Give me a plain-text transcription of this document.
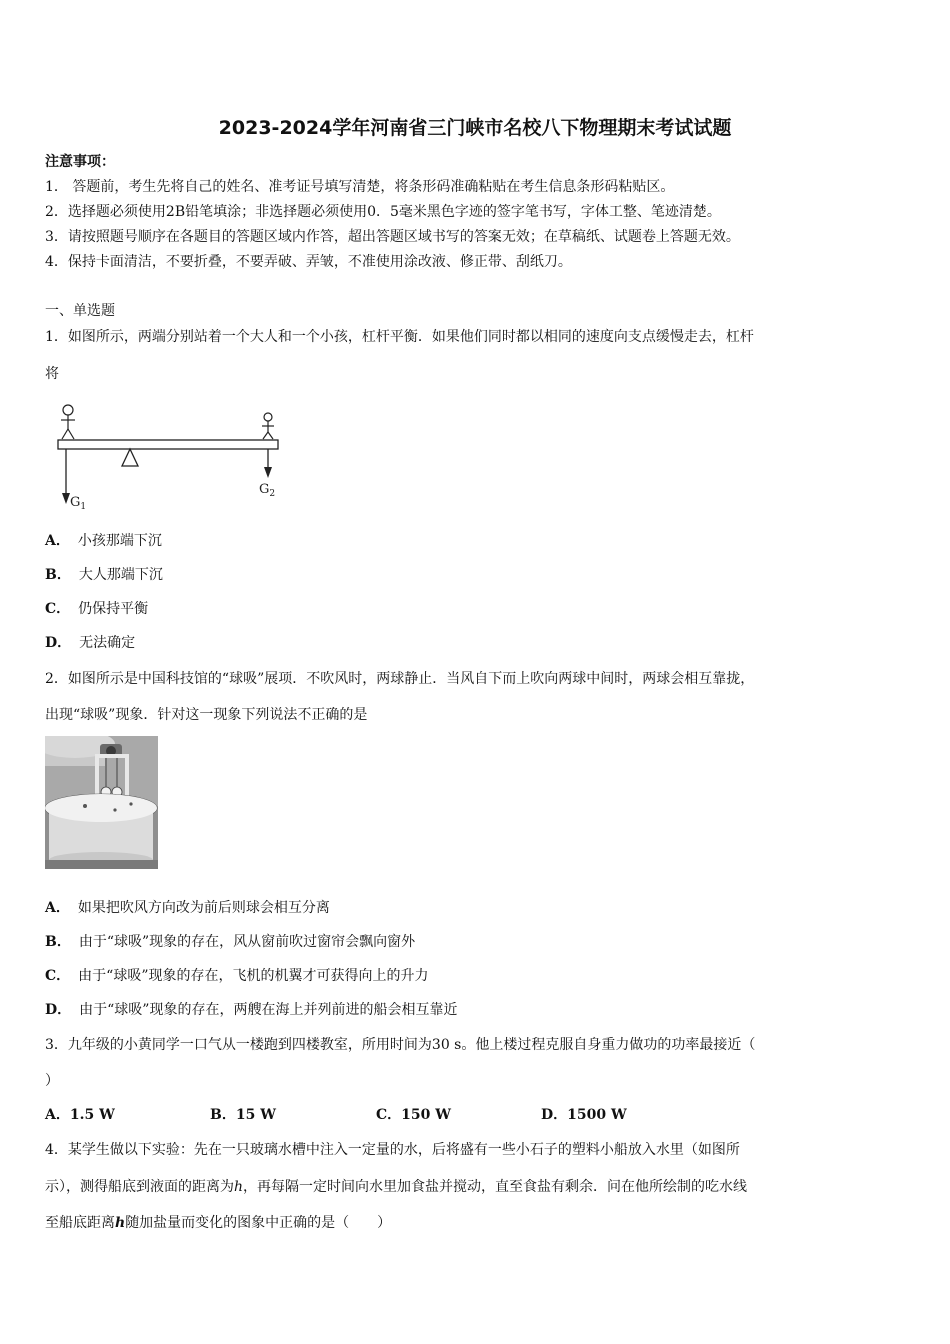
2023-2024学年河南省三门峡市名校八下物理期末考试试题
注意事项：
1． 答题前，考生先将自己的姓名、准考证号填写清楚，将条形码准确粘贴在考生信息条形码粘贴区。
2．选择题必须使用2B铅笔填涂；非选择题必须使用0．5毫米黑色字迹的签字笔书写，字体工整、笔迹清楚。
3．请按照题号顺序在各题目的答题区域内作答，超出答题区域书写的答案无效；在草稿纸、试题卷上答题无效。
4．保持卡面清洁，不要折叠，不要弄破、弄皱，不准使用涂改液、修正带、刮纸刀。
一、单选题
1．如图所示，两端分别站着一个大人和一个小孩，杠杆平衡．如果他们同时都以相同的速度向支点缓慢走去，杠杆
将
$G_1$
$G_2$
A． 小孩那端下沉
B． 大人那端下沉
C． 仍保持平衡
D． 无法确定
2．如图所示是中国科技馆的“球吸”展项．不吹风时，两球静止．当风自下而上吹向两球中间时，两球会相互靠拢，
出现“球吸”现象．针对这一现象下列说法不正确的是
A． 如果把吹风方向改为前后则球会相互分离
B． 由于“球吸”现象的存在，风从窗前吹过窗帘会飘向窗外
C． 由于“球吸”现象的存在，飞机的机翼才可获得向上的升力
D． 由于“球吸”现象的存在，两艘在海上并列前进的船会相互靠近
3．九年级的小黄同学一口气从一楼跑到四楼教室，所用时间为30 s。他上楼过程克服自身重力做功的功率最接近（
）
A．1.5 W	B．15 W	C．150 W	D．1500 W
4．某学生做以下实验：先在一只玻璃水槽中注入一定量的水，后将盛有一些小石子的塑料小船放入水里（如图所
示），测得船底到液面的距离为h，再每隔一定时间向水里加食盐并搅动，直至食盐有剩余．问在他所绘制的吃水线
至船底距离h随加盐量而变化的图象中正确的是（　　）
